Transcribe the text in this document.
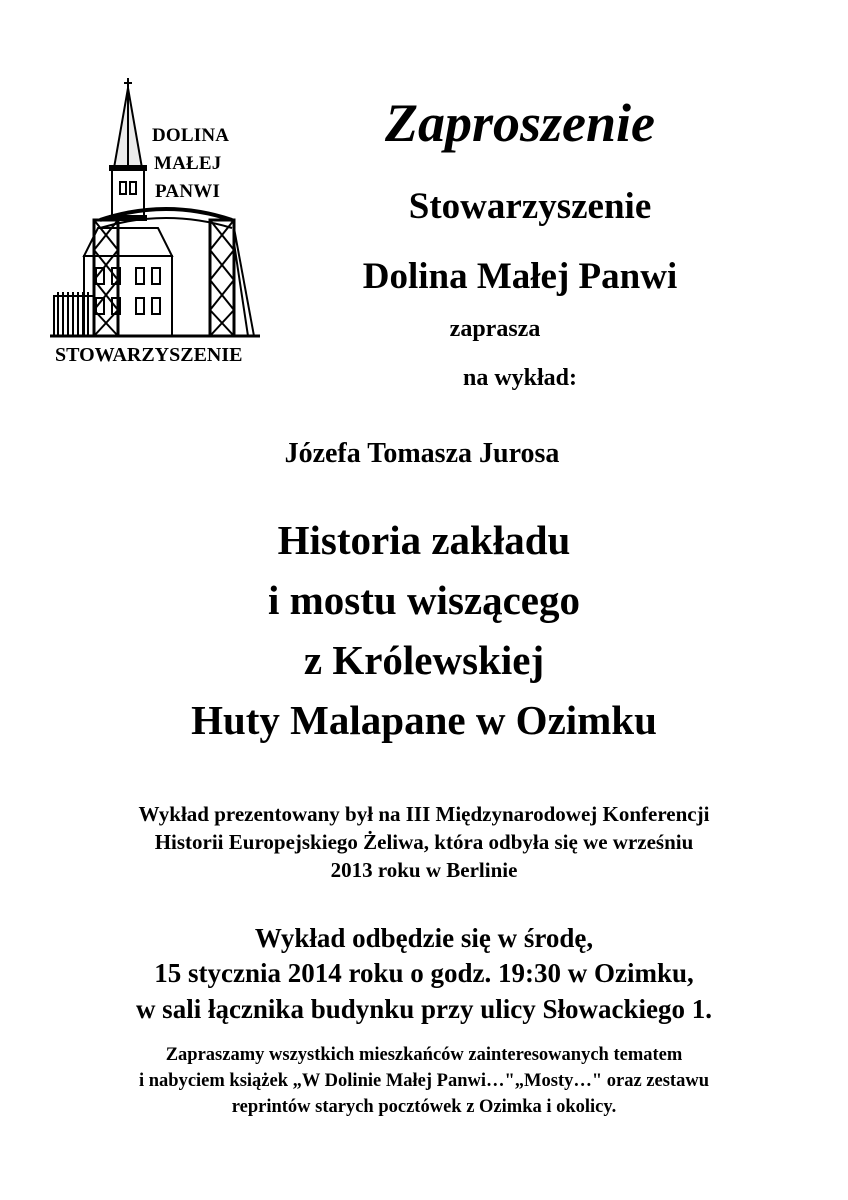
DOLINA
MAŁEJ
PANWI
STOWARZYSZENIE
Zaproszenie
Stowarzyszenie
Dolina Małej Panwi
zaprasza
na wykład:
Józefa Tomasza Jurosa
Historia zakładu
i mostu wiszącego
z Królewskiej
Huty Malapane w Ozimku
Wykład prezentowany był na III Międzynarodowej Konferencji
Historii Europejskiego Żeliwa, która odbyła się we wrześniu
2013 roku w Berlinie
Wykład odbędzie się w środę,
15 stycznia 2014 roku o godz. 19:30 w Ozimku,
w sali łącznika budynku przy ulicy Słowackiego 1.
Zapraszamy wszystkich mieszkańców zainteresowanych tematem
i nabyciem książek „W Dolinie Małej Panwi…"„Mosty…" oraz zestawu
reprintów starych pocztówek z Ozimka i okolicy.
